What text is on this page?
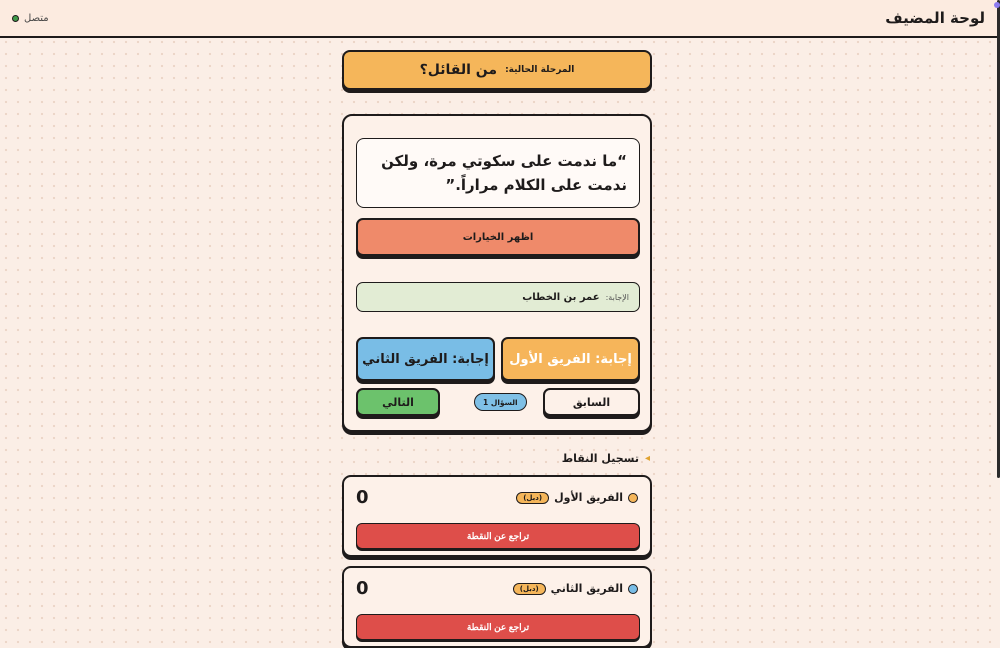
لوحة المضيف
متصل
المرحلة الحالية:
من القائل؟
“ما ندمت على سكوتي مرة، ولكن ندمت على الكلام مراراً.”
اظهر الخيارات
الإجابة:
عمر بن الخطاب
إجابة: الفريق الأول
إجابة: الفريق الثاني
السابق
السؤال 1
التالي
◂
تسجيل النقاط
الفريق الأول
(دبل)
0
تراجع عن النقطة
الفريق الثاني
(دبل)
0
تراجع عن النقطة
